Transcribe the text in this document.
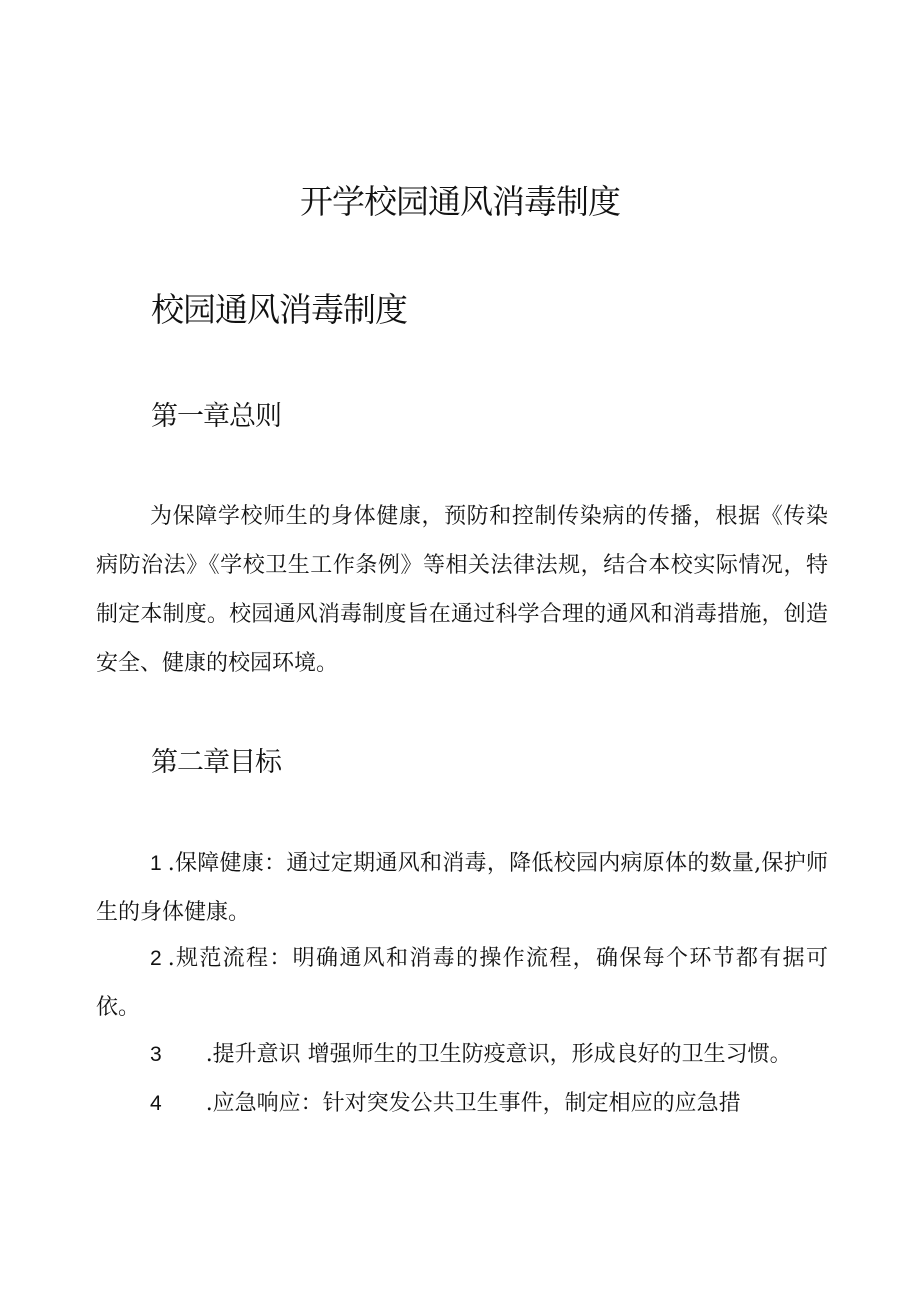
开学校园通风消毒制度
校园通风消毒制度
第一章总则

为保障学校师生的身体健康，预防和控制传染病的传播，根据《传染病防治法》《学校卫生工作条例》等相关法律法规，结合本校实际情况，特制定本制度。校园通风消毒制度旨在通过科学合理的通风和消毒措施，创造安全、健康的校园环境。

第二章目标

1 .保障健康：通过定期通风和消毒，降低校园内病原体的数量,保护师生的身体健康。

2 .规范流程：明确通风和消毒的操作流程，确保每个环节都有据可依。

3 .提升意识 增强师生的卫生防疫意识，形成良好的卫生习惯。

4 .应急响应：针对突发公共卫生事件，制定相应的应急措
